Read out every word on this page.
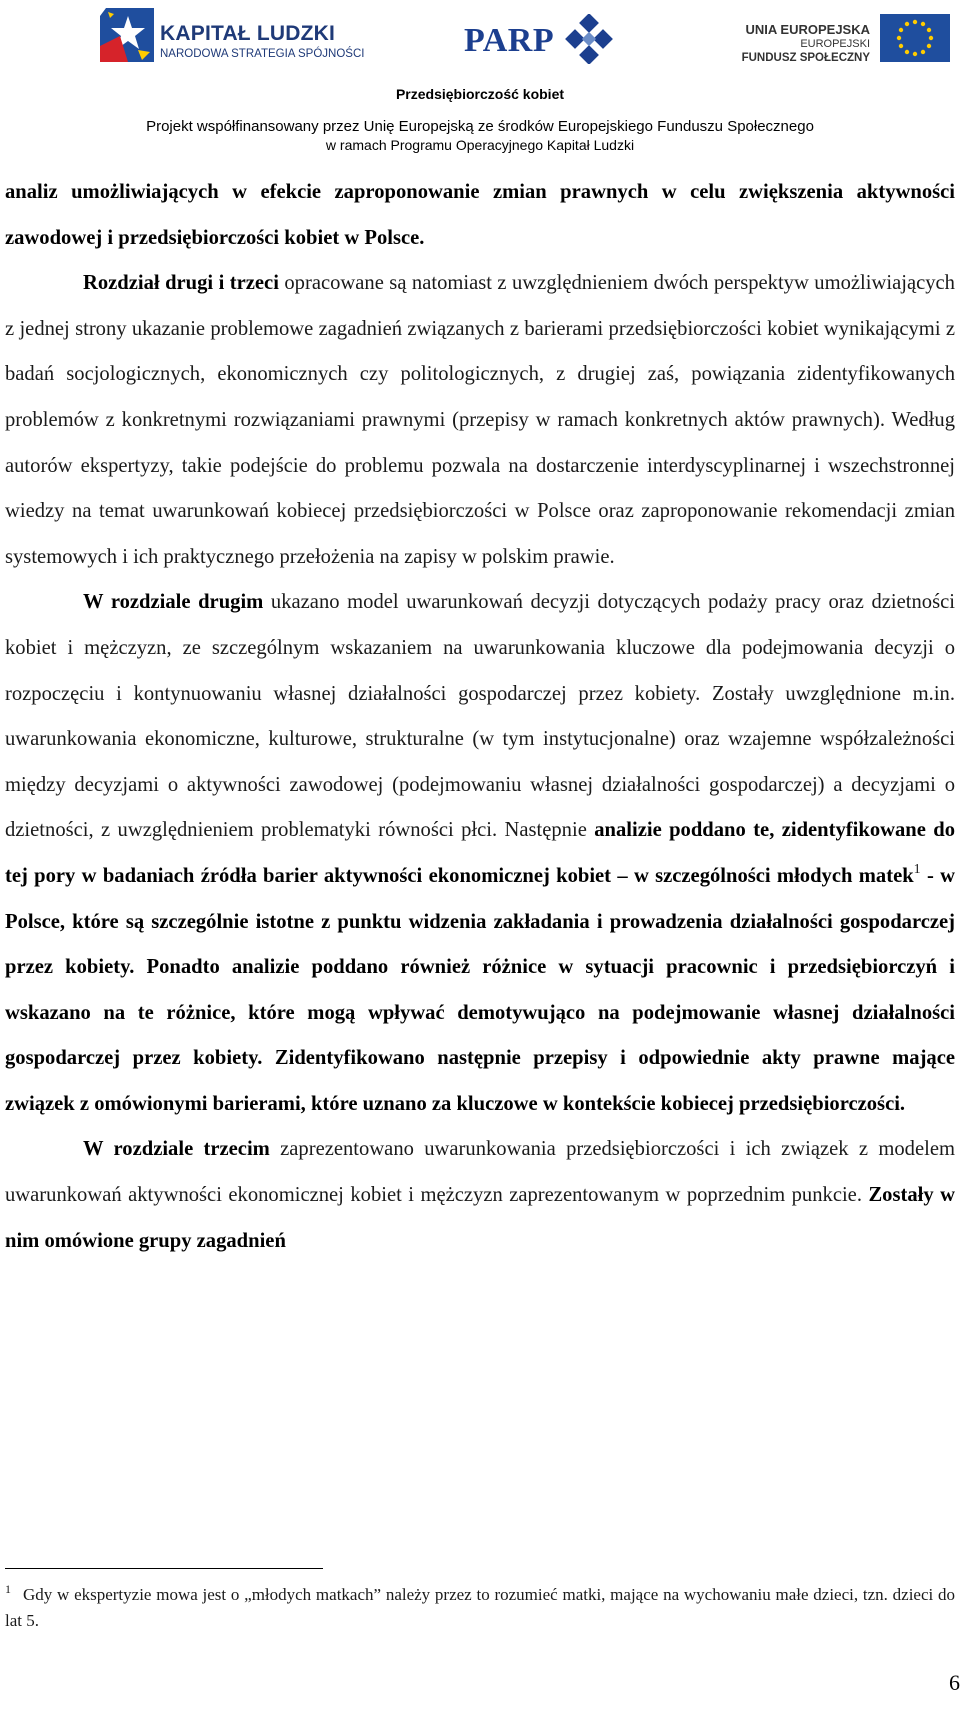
KAPITAŁ LUDZKI
NARODOWA STRATEGIA SPÓJNOŚCI	PARP	UNIA EUROPEJSKA
EUROPEJSKI
FUNDUSZ SPOŁECZNY
Przedsiębiorczość kobiet
Projekt współfinansowany przez Unię Europejską ze środków Europejskiego Funduszu Społecznego
w ramach Programu Operacyjnego Kapitał Ludzki

analiz umożliwiających w efekcie zaproponowanie zmian prawnych w celu zwiększenia aktywności zawodowej i przedsiębiorczości kobiet w Polsce.

Rozdział drugi i trzeci opracowane są natomiast z uwzględnieniem dwóch perspektyw umożliwiających z jednej strony ukazanie problemowe zagadnień związanych z barierami przedsiębiorczości kobiet wynikającymi z badań socjologicznych, ekonomicznych czy politologicznych, z drugiej zaś, powiązania zidentyfikowanych problemów z konkretnymi rozwiązaniami prawnymi (przepisy w ramach konkretnych aktów prawnych). Według autorów ekspertyzy, takie podejście do problemu pozwala na dostarczenie interdyscyplinarnej i wszechstronnej wiedzy na temat uwarunkowań kobiecej przedsiębiorczości w Polsce oraz zaproponowanie rekomendacji zmian systemowych i ich praktycznego przełożenia na zapisy w polskim prawie.

W rozdziale drugim ukazano model uwarunkowań decyzji dotyczących podaży pracy oraz dzietności kobiet i mężczyzn, ze szczególnym wskazaniem na uwarunkowania kluczowe dla podejmowania decyzji o rozpoczęciu i kontynuowaniu własnej działalności gospodarczej przez kobiety. Zostały uwzględnione m.in. uwarunkowania ekonomiczne, kulturowe, strukturalne (w tym instytucjonalne) oraz wzajemne współzależności między decyzjami o aktywności zawodowej (podejmowaniu własnej działalności gospodarczej) a decyzjami o dzietności, z uwzględnieniem problematyki równości płci. Następnie analizie poddano te, zidentyfikowane do tej pory w badaniach źródła barier aktywności ekonomicznej kobiet – w szczególności młodych matek$^1$ - w Polsce, które są szczególnie istotne z punktu widzenia zakładania i prowadzenia działalności gospodarczej przez kobiety. Ponadto analizie poddano również różnice w sytuacji pracownic i przedsiębiorczyń i wskazano na te różnice, które mogą wpływać demotywująco na podejmowanie własnej działalności gospodarczej przez kobiety. Zidentyfikowano następnie przepisy i odpowiednie akty prawne mające związek z omówionymi barierami, które uznano za kluczowe w kontekście kobiecej przedsiębiorczości.

W rozdziale trzecim zaprezentowano uwarunkowania przedsiębiorczości i ich związek z modelem uwarunkowań aktywności ekonomicznej kobiet i mężczyzn zaprezentowanym w poprzednim punkcie. Zostały w nim omówione grupy zagadnień

$^1$ Gdy w ekspertyzie mowa jest o „młodych matkach” należy przez to rozumieć matki, mające na wychowaniu małe dzieci, tzn. dzieci do lat 5.
6
